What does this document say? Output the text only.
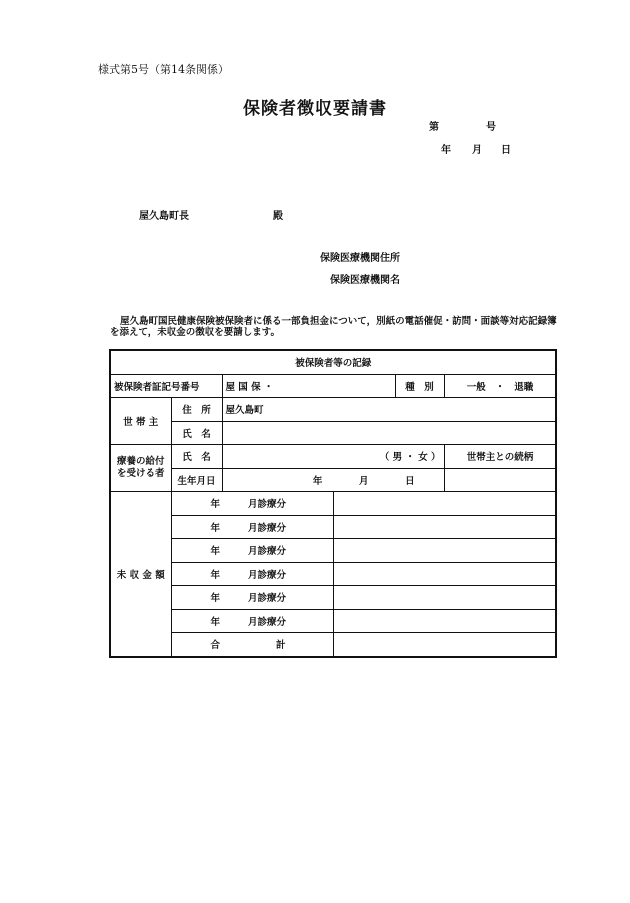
様式第5号（第14条関係）
保険者徴収要請書
第	号
年 月 日
屋久島町長	殿
保険医療機関住所
保険医療機関名
屋久島町国民健康保険被保険者に係る一部負担金について，別紙の電話催促・訪問・面談等対応記録簿を添えて，未収金の徴収を要請します。
被保険者等の記録					
被保険者証記号番号		屋 国 保 ・		種　別	一般　・　退職
世 帯 主	住　所	屋久島町			
	氏　名				
療養の給付を受ける者	氏　名	（ 男 ・ 女 ）			世帯主との続柄
	生年月日	年 月 日			
未 収 金 額	年 月診療分				
	年 月診療分				
	年 月診療分				
	年 月診療分				
	年 月診療分				
	年 月診療分				
	合 計				
